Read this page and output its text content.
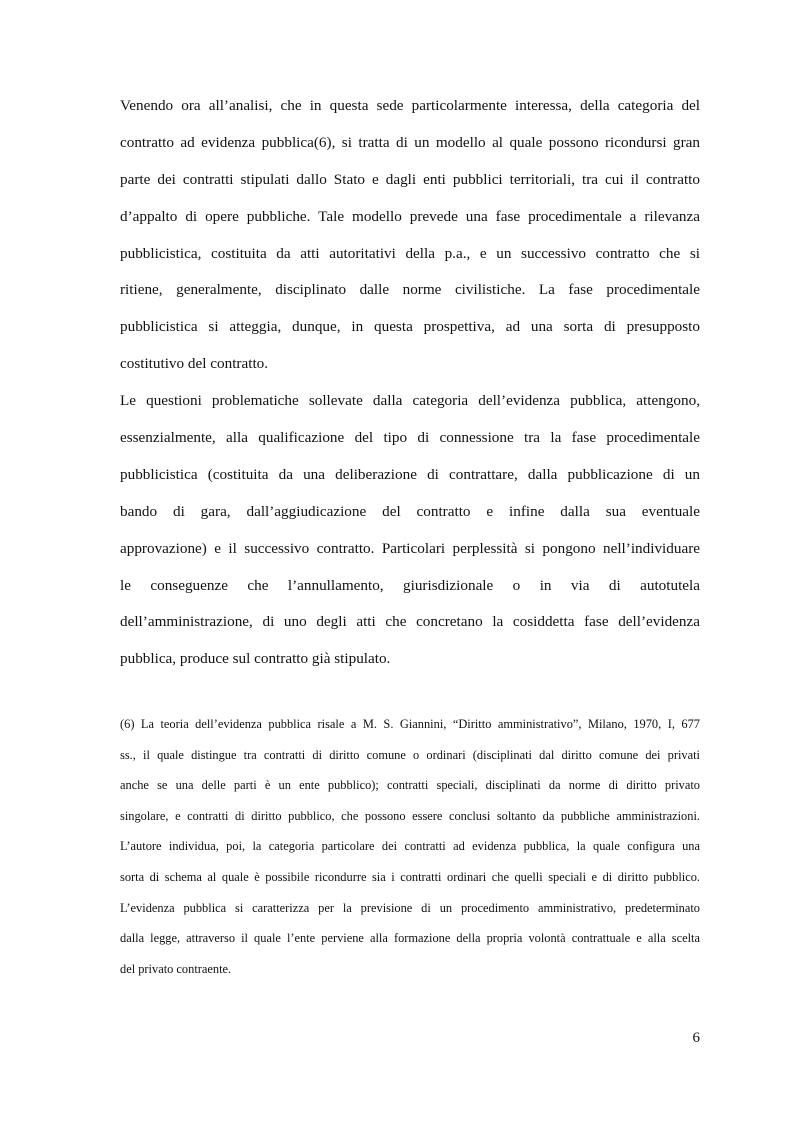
Venendo ora all’analisi, che in questa sede particolarmente interessa, della categoria del
contratto ad evidenza pubblica(6), si tratta di un modello al quale possono ricondursi gran
parte dei contratti stipulati dallo Stato e dagli enti pubblici territoriali, tra cui il contratto
d’appalto di opere pubbliche. Tale modello prevede una fase procedimentale a rilevanza
pubblicistica, costituita da atti autoritativi della p.a., e un successivo contratto che si
ritiene, generalmente, disciplinato dalle norme civilistiche. La fase procedimentale
pubblicistica si atteggia, dunque, in questa prospettiva, ad una sorta di presupposto
costitutivo del contratto.
Le questioni problematiche sollevate dalla categoria dell’evidenza pubblica, attengono,
essenzialmente, alla qualificazione del tipo di connessione tra la fase procedimentale
pubblicistica (costituita da una deliberazione di contrattare, dalla pubblicazione di un
bando di gara, dall’aggiudicazione del contratto e infine dalla sua eventuale
approvazione) e il successivo contratto. Particolari perplessità si pongono nell’individuare
le conseguenze che l’annullamento, giurisdizionale o in via di autotutela
dell’amministrazione, di uno degli atti che concretano la cosiddetta fase dell’evidenza
pubblica, produce sul contratto già stipulato.
(6) La teoria dell’evidenza pubblica risale a M. S. Giannini, “Diritto amministrativo”, Milano, 1970, I, 677
ss., il quale distingue tra contratti di diritto comune o ordinari (disciplinati dal diritto comune dei privati
anche se una delle parti è un ente pubblico); contratti speciali, disciplinati da norme di diritto privato
singolare, e contratti di diritto pubblico, che possono essere conclusi soltanto da pubbliche amministrazioni.
L’autore individua, poi, la categoria particolare dei contratti ad evidenza pubblica, la quale configura una
sorta di schema al quale è possibile ricondurre sia i contratti ordinari che quelli speciali e di diritto pubblico.
L’evidenza pubblica si caratterizza per la previsione di un procedimento amministrativo, predeterminato
dalla legge, attraverso il quale l’ente perviene alla formazione della propria volontà contrattuale e alla scelta
del privato contraente.
6
